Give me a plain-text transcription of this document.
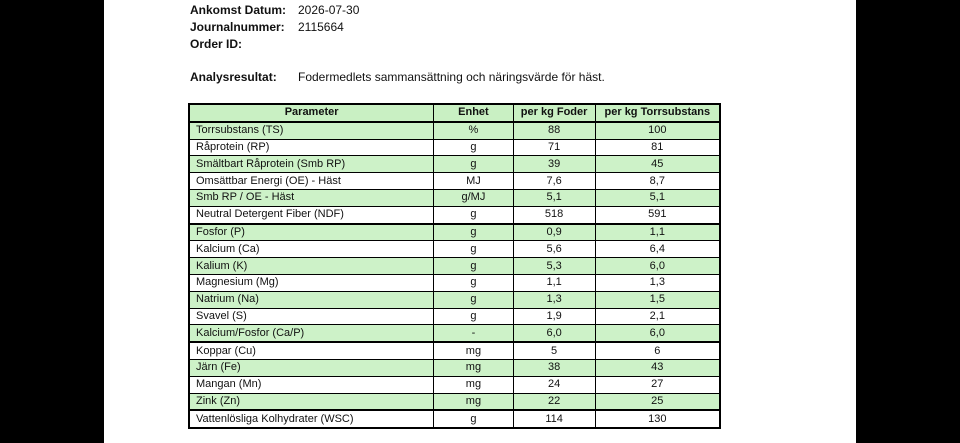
Ankomst Datum: 2026-07-30
Journalnummer:	2115664
Order ID:
Analysresultat:	Fodermedlets sammansättning och näringsvärde för häst.
Parameter	Enhet	per kg Foder	per kg Torrsubstans
Torrsubstans (TS)	%	88	100
Råprotein (RP)	g	71	81
Smältbart Råprotein (Smb RP)	g	39	45
Omsättbar Energi (OE) - Häst	MJ	7,6	8,7
Smb RP / OE - Häst	g/MJ	5,1	5,1
Neutral Detergent Fiber (NDF)	g	518	591
Fosfor (P)	g	0,9	1,1
Kalcium (Ca)	g	5,6	6,4
Kalium (K)	g	5,3	6,0
Magnesium (Mg)	g	1,1	1,3
Natrium (Na)	g	1,3	1,5
Svavel (S)	g	1,9	2,1
Kalcium/Fosfor (Ca/P)	-	6,0	6,0
Koppar (Cu)	mg	5	6
Järn (Fe)	mg	38	43
Mangan (Mn)	mg	24	27
Zink (Zn)	mg	22	25
Vattenlösliga Kolhydrater (WSC)	g	114	130
